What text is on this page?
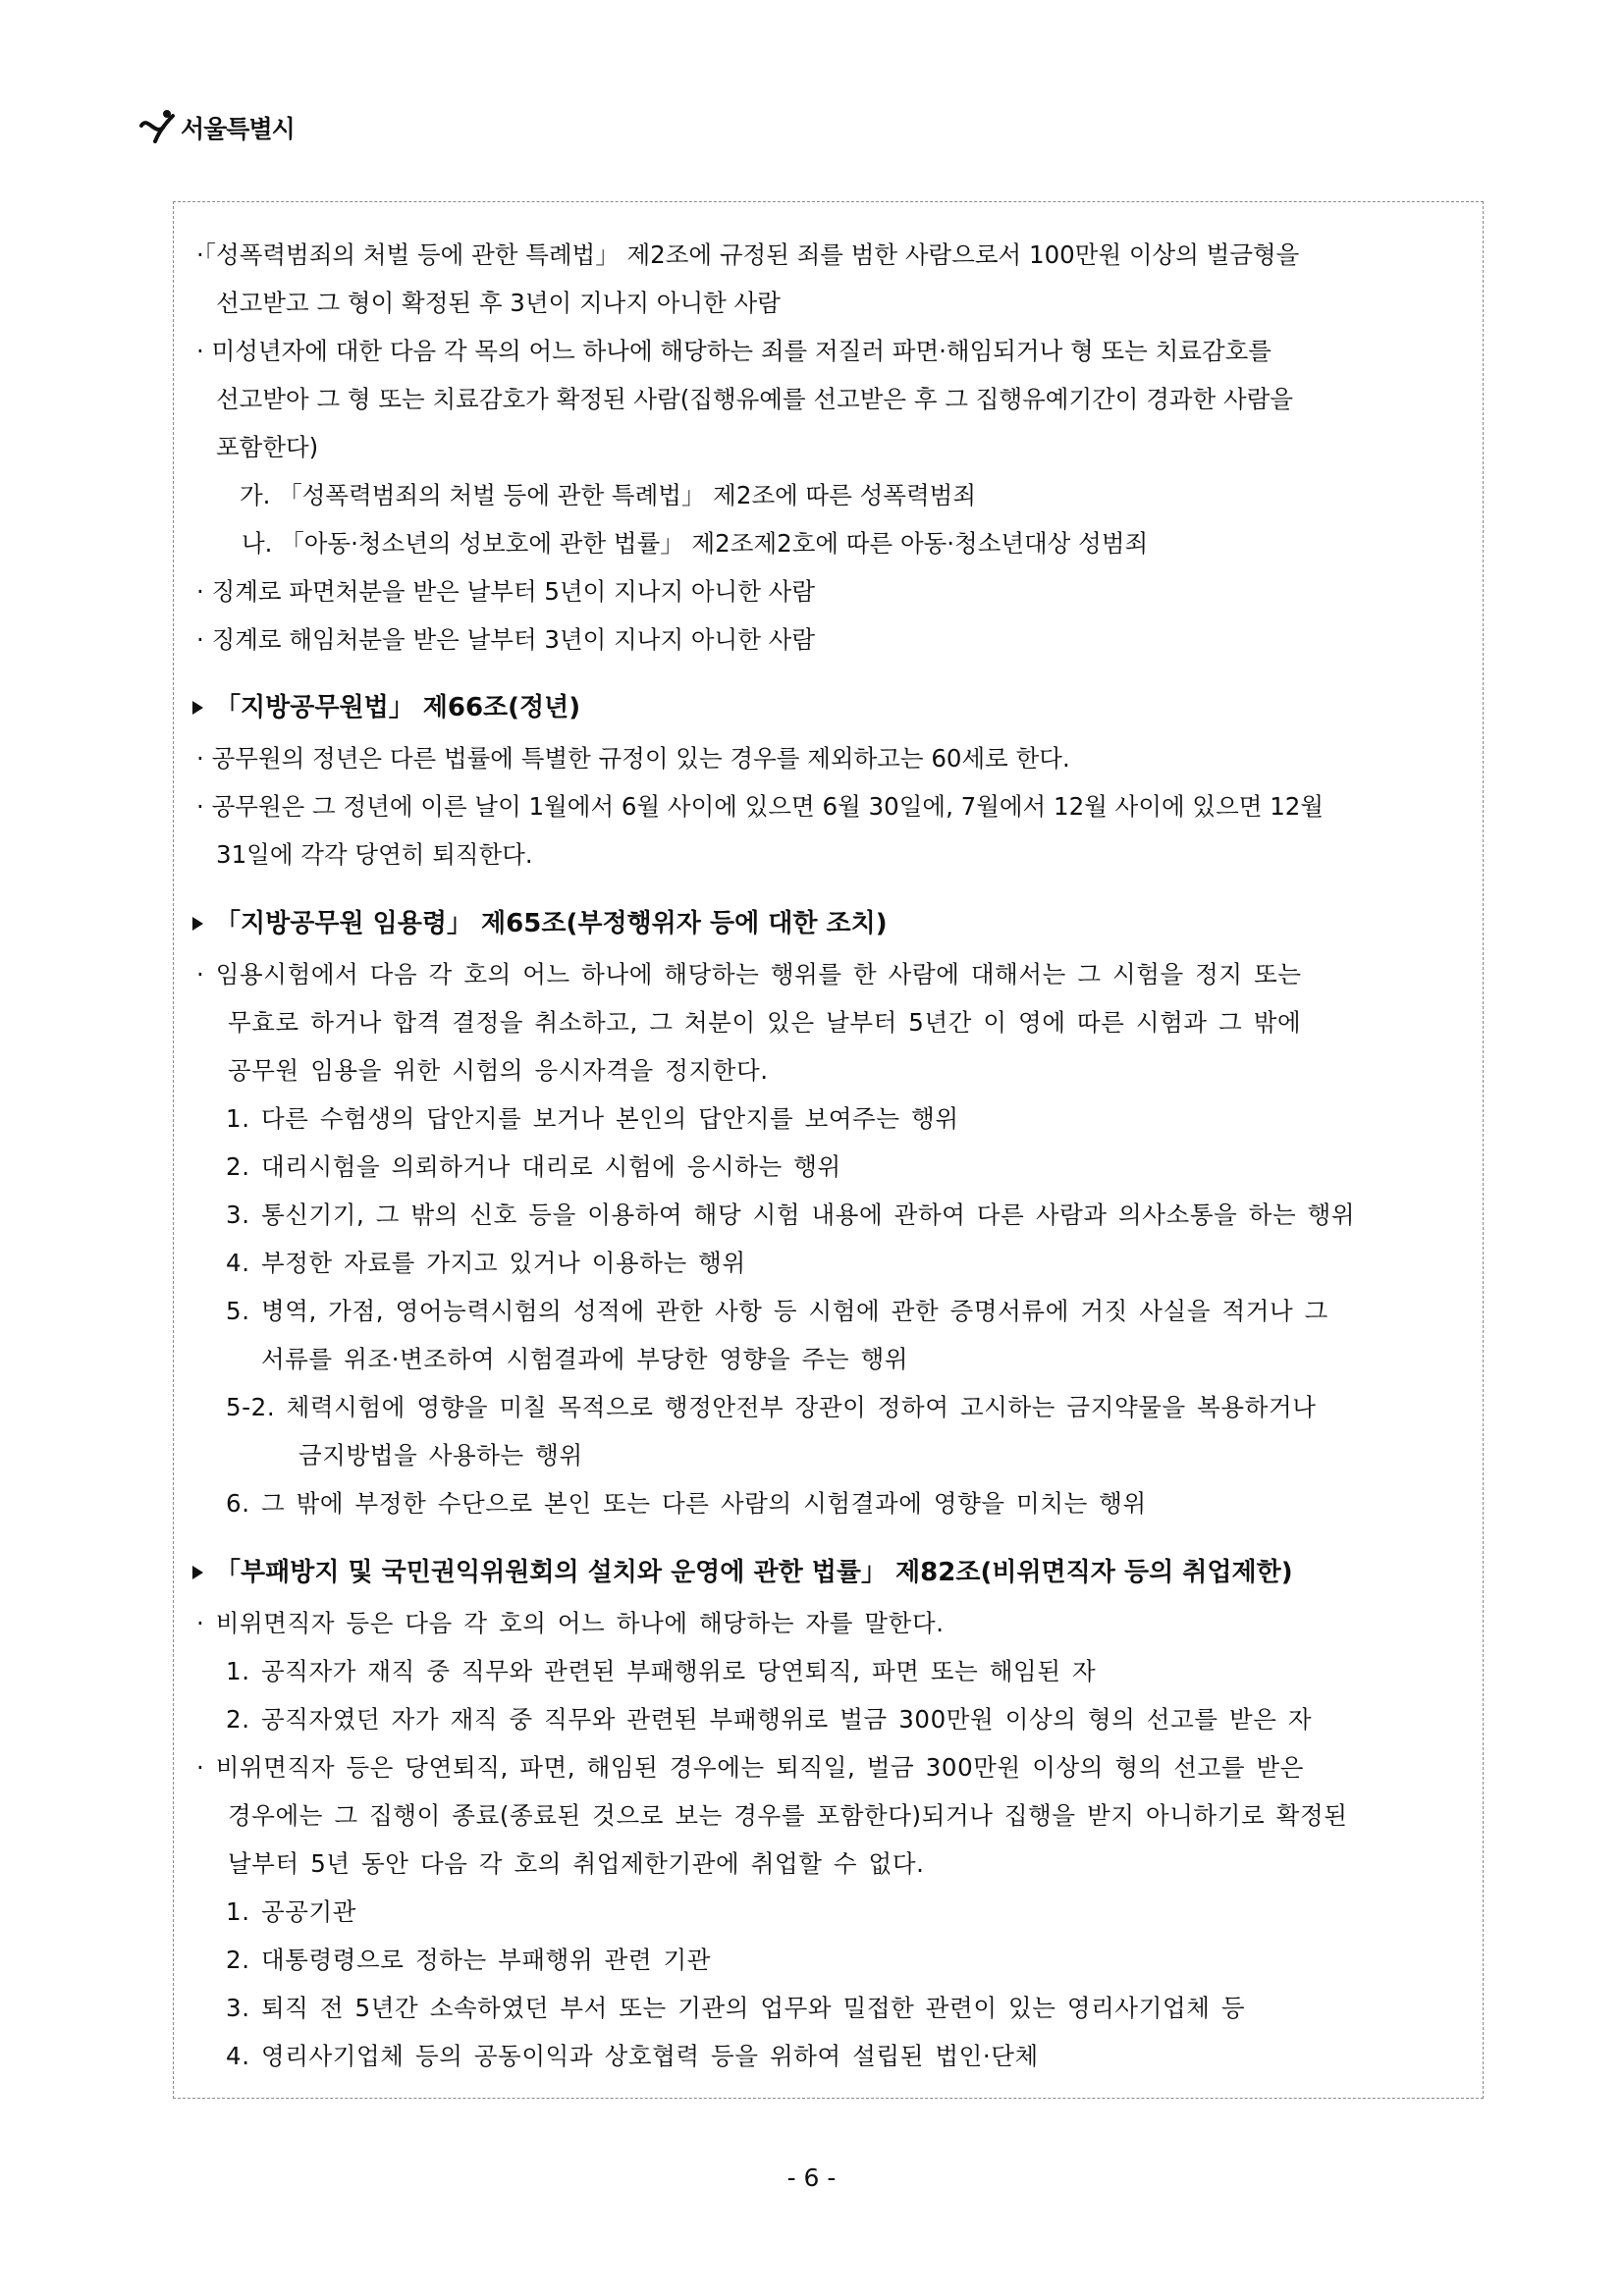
서울특별시
·「성폭력범죄의 처벌 등에 관한 특례법」 제2조에 규정된 죄를 범한 사람으로서 100만원 이상의 벌금형을
선고받고 그 형이 확정된 후 3년이 지나지 아니한 사람
· 미성년자에 대한 다음 각 목의 어느 하나에 해당하는 죄를 저질러 파면·해임되거나 형 또는 치료감호를
선고받아 그 형 또는 치료감호가 확정된 사람(집행유예를 선고받은 후 그 집행유예기간이 경과한 사람을
포함한다)
가. 「성폭력범죄의 처벌 등에 관한 특례법」 제2조에 따른 성폭력범죄
나. 「아동·청소년의 성보호에 관한 법률」 제2조제2호에 따른 아동·청소년대상 성범죄
· 징계로 파면처분을 받은 날부터 5년이 지나지 아니한 사람
· 징계로 해임처분을 받은 날부터 3년이 지나지 아니한 사람
「지방공무원법」 제66조(정년)
· 공무원의 정년은 다른 법률에 특별한 규정이 있는 경우를 제외하고는 60세로 한다.
· 공무원은 그 정년에 이른 날이 1월에서 6월 사이에 있으면 6월 30일에, 7월에서 12월 사이에 있으면 12월
31일에 각각 당연히 퇴직한다.
「지방공무원 임용령」 제65조(부정행위자 등에 대한 조치)
· 임용시험에서 다음 각 호의 어느 하나에 해당하는 행위를 한 사람에 대해서는 그 시험을 정지 또는
무효로 하거나 합격 결정을 취소하고, 그 처분이 있은 날부터 5년간 이 영에 따른 시험과 그 밖에
공무원 임용을 위한 시험의 응시자격을 정지한다.
1. 다른 수험생의 답안지를 보거나 본인의 답안지를 보여주는 행위
2. 대리시험을 의뢰하거나 대리로 시험에 응시하는 행위
3. 통신기기, 그 밖의 신호 등을 이용하여 해당 시험 내용에 관하여 다른 사람과 의사소통을 하는 행위
4. 부정한 자료를 가지고 있거나 이용하는 행위
5. 병역, 가점, 영어능력시험의 성적에 관한 사항 등 시험에 관한 증명서류에 거짓 사실을 적거나 그
서류를 위조·변조하여 시험결과에 부당한 영향을 주는 행위
5-2. 체력시험에 영향을 미칠 목적으로 행정안전부 장관이 정하여 고시하는 금지약물을 복용하거나
금지방법을 사용하는 행위
6. 그 밖에 부정한 수단으로 본인 또는 다른 사람의 시험결과에 영향을 미치는 행위
「부패방지 및 국민권익위원회의 설치와 운영에 관한 법률」 제82조(비위면직자 등의 취업제한)
· 비위면직자 등은 다음 각 호의 어느 하나에 해당하는 자를 말한다.
1. 공직자가 재직 중 직무와 관련된 부패행위로 당연퇴직, 파면 또는 해임된 자
2. 공직자였던 자가 재직 중 직무와 관련된 부패행위로 벌금 300만원 이상의 형의 선고를 받은 자
· 비위면직자 등은 당연퇴직, 파면, 해임된 경우에는 퇴직일, 벌금 300만원 이상의 형의 선고를 받은
경우에는 그 집행이 종료(종료된 것으로 보는 경우를 포함한다)되거나 집행을 받지 아니하기로 확정된
날부터 5년 동안 다음 각 호의 취업제한기관에 취업할 수 없다.
1. 공공기관
2. 대통령령으로 정하는 부패행위 관련 기관
3. 퇴직 전 5년간 소속하였던 부서 또는 기관의 업무와 밀접한 관련이 있는 영리사기업체 등
4. 영리사기업체 등의 공동이익과 상호협력 등을 위하여 설립된 법인·단체
- 6 -
